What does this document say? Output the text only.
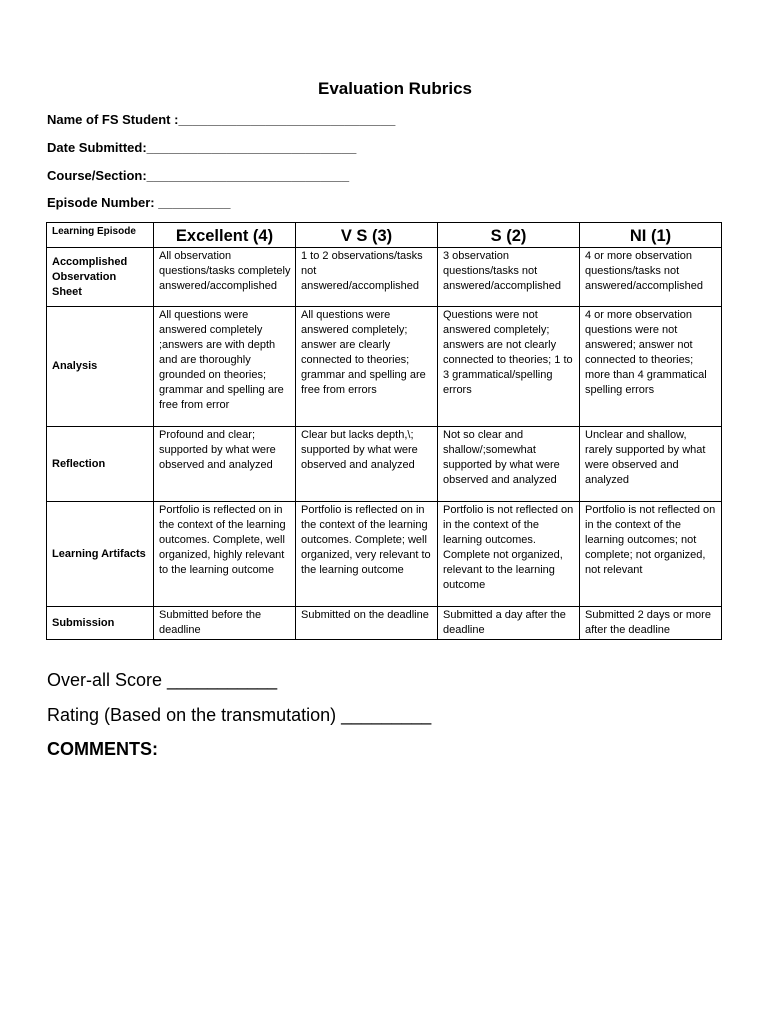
Evaluation Rubrics
Name of FS Student :______________________________
Date Submitted:_____________________________
Course/Section:____________________________
Episode Number: __________
Learning Episode	Excellent (4)	V S (3)	S (2)	NI (1)
Accomplished Observation Sheet	All observation questions/tasks completely answered/accomplished	1 to 2 observations/tasks not answered/accomplished	3 observation questions/tasks not answered/accomplished	4 or more observation questions/tasks not answered/accomplished
Analysis	All questions were answered completely ;answers are with depth and are thoroughly grounded on theories; grammar and spelling are free from error	All questions were answered completely; answer are clearly connected to theories; grammar and spelling are free from errors	Questions were not answered completely; answers are not clearly connected to theories; 1 to 3 grammatical/spelling errors	4 or more observation questions were not answered; answer not connected to theories; more than 4 grammatical spelling errors
Reflection	Profound and clear; supported by what were observed and analyzed	Clear but lacks depth,\; supported by what were observed and analyzed	Not so clear and shallow/;somewhat supported by what were observed and analyzed	Unclear and shallow, rarely supported by what were observed and analyzed
Learning Artifacts	Portfolio is reflected on in the context of the learning outcomes. Complete, well organized, highly relevant to the learning outcome	Portfolio is reflected on in the context of the learning outcomes. Complete; well organized, very relevant to the learning outcome	Portfolio is not reflected on in the context of the learning outcomes. Complete not organized, relevant to the learning outcome	Portfolio is not reflected on in the context of the learning outcomes; not complete; not organized, not relevant
Submission	Submitted before the deadline	Submitted on the deadline	Submitted a day after the deadline	Submitted 2 days or more after the deadline
Over-all Score ___________
Rating (Based on the transmutation) _________
COMMENTS:
